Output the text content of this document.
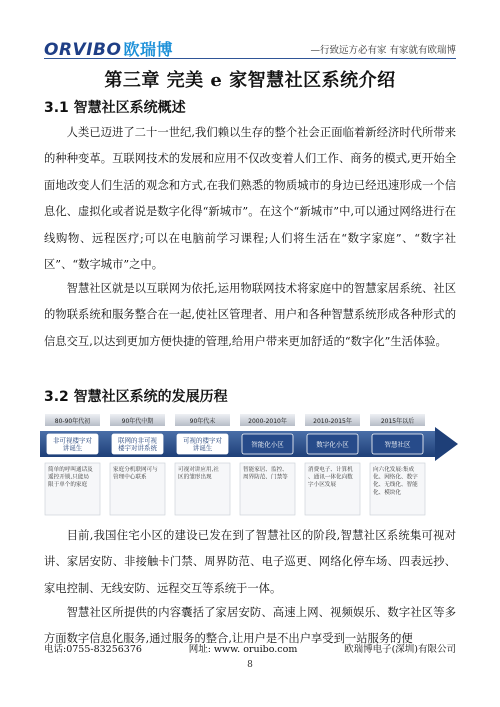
ORVIBO 欧瑞博	—行致远方必有家 有家就有欧瑞博
第三章 完美 e 家智慧社区系统介绍
3.1 智慧社区系统概述
人类已迈进了二十一世纪,我们赖以生存的整个社会正面临着新经济时代所带来的种种变革。互联网技术的发展和应用不仅改变着人们工作、商务的模式,更开始全面地改变人们生活的观念和方式,在我们熟悉的物质城市的身边已经迅速形成一个信息化、虚拟化或者说是数字化得“新城市”。在这个“新城市”中,可以通过网络进行在线购物、远程医疗;可以在电脑前学习课程;人们将生活在“数字家庭”、“数字社区”、“数字城市”之中。
智慧社区就是以互联网为依托,运用物联网技术将家庭中的智慧家居系统、社区的物联系统和服务整合在一起,使社区管理者、用户和各种智慧系统形成各种形式的信息交互,以达到更加方便快捷的管理,给用户带来更加舒适的“数字化”生活体验。
3.2 智慧社区系统的发展历程
80-90年代初	90年代中期	90年代末	2000-2010年	2010-2015年	2015年以后
非可视楼宇对
讲诞生
联网的非可视
楼宇对讲系统
可视的楼宇对
讲诞生	智能化小区	数字化小区	智慧社区
简单的呼叫通话及
遥控开锁,只能局
限于单个的家庭
家庭分机联网可与
管理中心联系
可视对讲应用,社
区的雏形出现
智能家居、监控、
周界防范、门禁等
消费电子、计算机
、通讯一体化向数
字小区发展
向六化发展:集成
化、网络化、数字
化、无线化、智能
化、模块化
目前,我国住宅小区的建设已发在到了智慧社区的阶段,智慧社区系统集可视对讲、家居安防、非接触卡门禁、周界防范、电子巡更、网络化停车场、四表远抄、家电控制、无线安防、远程交互等系统于一体。
智慧社区所提供的内容囊括了家居安防、高速上网、视频娱乐、数字社区等多方面数字信息化服务,通过服务的整合,让用户是不出户享受到一站服务的便
电话:0755-83256376	网址: www. oruibo.com	欧瑞博电子(深圳)有限公司
8
